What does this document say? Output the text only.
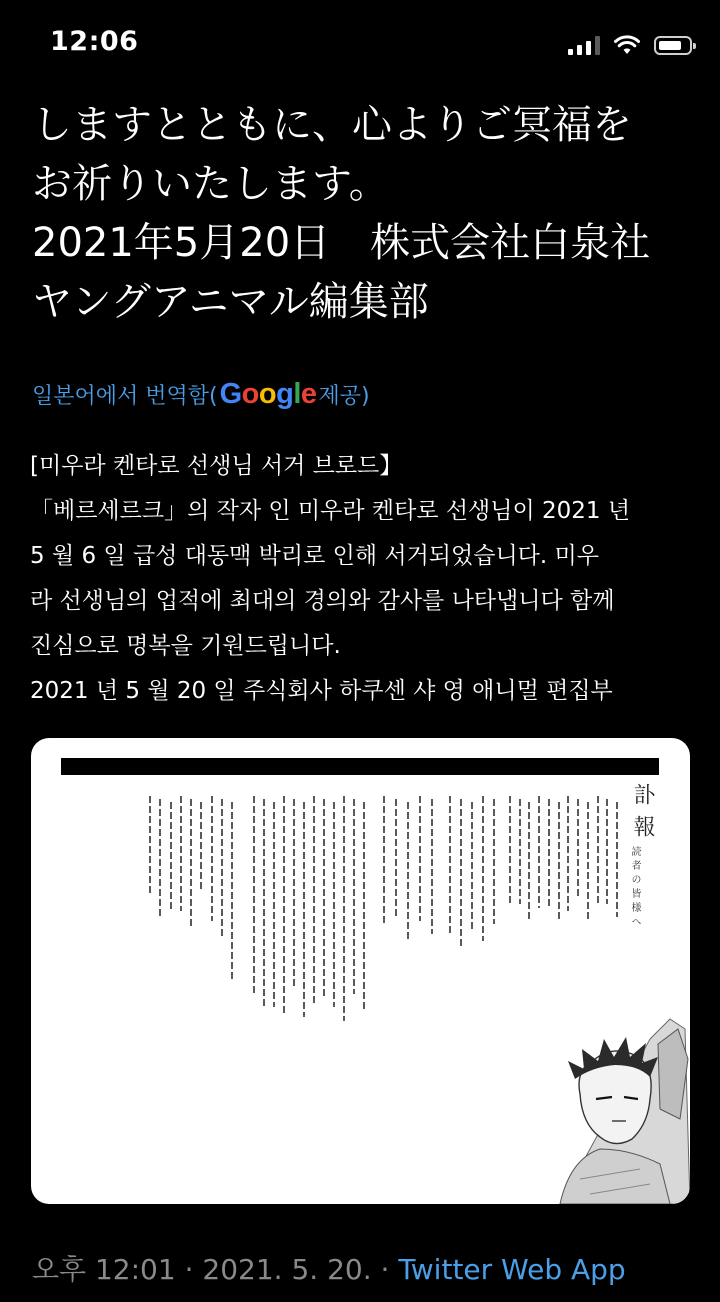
12:06
しますとともに、心よりご冥福を
お祈りいたします。
2021年5月20日　株式会社白泉社
ヤングアニマル編集部
일본어에서 번역함( Google 제공)
[미우라 켄타로 선생님 서거 브로드】
「베르세르크」의 작자 인 미우라 켄타로 선생님이 2021 년
5 월 6 일 급성 대동맥 박리로 인해 서거되었습니다. 미우
라 선생님의 업적에 최대의 경의와 감사를 나타냅니다 함께
진심으로 명복을 기원드립니다.
2021 년 5 월 20 일 주식회사 하쿠센 샤 영 애니멀 편집부
訃報
読者の皆様へ
오후 12:01 · 2021. 5. 20. · Twitter Web App
